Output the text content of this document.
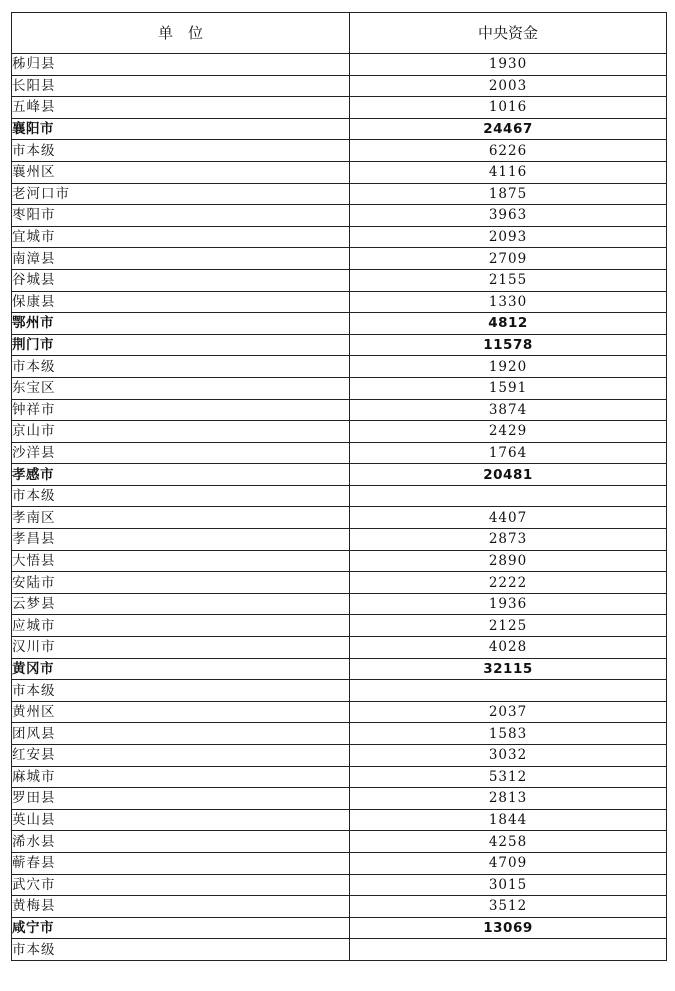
单　位	中央资金
秭归县	1930
长阳县	2003
五峰县	1016
襄阳市	24467
市本级	6226
襄州区	4116
老河口市	1875
枣阳市	3963
宜城市	2093
南漳县	2709
谷城县	2155
保康县	1330
鄂州市	4812
荆门市	11578
市本级	1920
东宝区	1591
钟祥市	3874
京山市	2429
沙洋县	1764
孝感市	20481
市本级	
孝南区	4407
孝昌县	2873
大悟县	2890
安陆市	2222
云梦县	1936
应城市	2125
汉川市	4028
黄冈市	32115
市本级	
黄州区	2037
团风县	1583
红安县	3032
麻城市	5312
罗田县	2813
英山县	1844
浠水县	4258
蕲春县	4709
武穴市	3015
黄梅县	3512
咸宁市	13069
市本级	
